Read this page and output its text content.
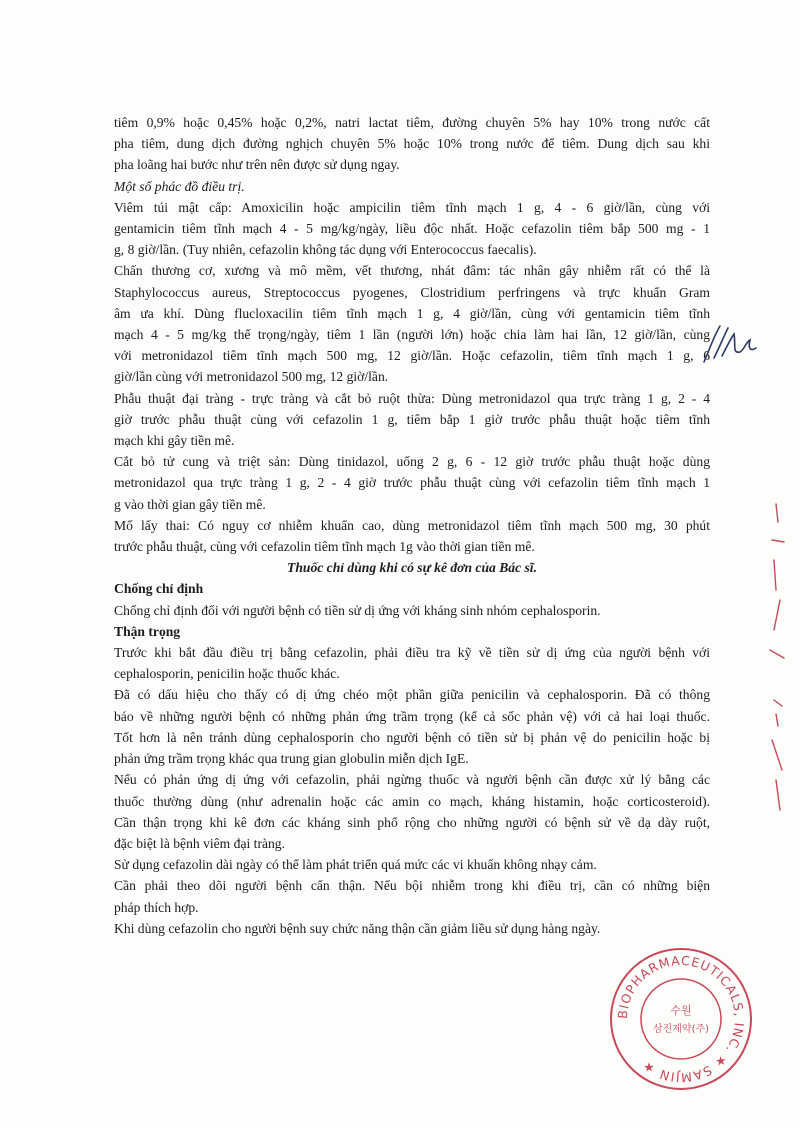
tiêm 0,9% hoặc 0,45% hoặc 0,2%, natri lactat tiêm, đường chuyên 5% hay 10% trong nước cất
pha tiêm, dung dịch đường nghịch chuyên 5% hoặc 10% trong nước để tiêm. Dung dịch sau khi
pha loãng hai bước như trên nên được sử dụng ngay.
Một số phác đồ điều trị.
Viêm túi mật cấp: Amoxicilin hoặc ampicilin tiêm tĩnh mạch 1 g, 4 - 6 giờ/lần, cùng với
gentamicin tiêm tĩnh mạch 4 - 5 mg/kg/ngày, liều độc nhất. Hoặc cefazolin tiêm bắp 500 mg - 1
g, 8 giờ/lần. (Tuy nhiên, cefazolin không tác dụng với Enterococcus faecalis).
Chấn thương cơ, xương và mô mềm, vết thương, nhát đâm: tác nhân gây nhiễm rất có thể là
Staphylococcus aureus, Streptococcus pyogenes, Clostridium perfringens và trực khuẩn Gram
âm ưa khí. Dùng flucloxacilin tiêm tĩnh mạch 1 g, 4 giờ/lần, cùng với gentamicin tiêm tĩnh
mạch 4 - 5 mg/kg thể trọng/ngày, tiêm 1 lần (người lớn) hoặc chia làm hai lần, 12 giờ/lần, cùng
với metronidazol tiêm tĩnh mạch 500 mg, 12 giờ/lần. Hoặc cefazolin, tiêm tĩnh mạch 1 g, 6
giờ/lần cùng với metronidazol 500 mg, 12 giờ/lần.
Phẫu thuật đại tràng - trực tràng và cắt bỏ ruột thừa: Dùng metronidazol qua trực tràng 1 g, 2 - 4
giờ trước phẫu thuật cùng với cefazolin 1 g, tiêm bắp 1 giờ trước phẫu thuật hoặc tiêm tĩnh
mạch khi gây tiền mê.
Cắt bỏ tử cung và triệt sản: Dùng tinidazol, uống 2 g, 6 - 12 giờ trước phẫu thuật hoặc dùng
metronidazol qua trực tràng 1 g, 2 - 4 giờ trước phẫu thuật cùng với cefazolin tiêm tĩnh mạch 1
g vào thời gian gây tiền mê.
Mổ lấy thai: Có nguy cơ nhiễm khuẩn cao, dùng metronidazol tiêm tĩnh mạch 500 mg, 30 phút
trước phẫu thuật, cùng với cefazolin tiêm tĩnh mạch 1g vào thời gian tiền mê.
Thuốc chỉ dùng khi có sự kê đơn của Bác sĩ.
Chống chỉ định
Chống chỉ định đối với người bệnh có tiền sử dị ứng với kháng sinh nhóm cephalosporin.
Thận trọng
Trước khi bắt đầu điều trị bằng cefazolin, phải điều tra kỹ về tiền sử dị ứng của người bệnh với
cephalosporin, penicilin hoặc thuốc khác.
Đã có dấu hiệu cho thấy có dị ứng chéo một phần giữa penicilin và cephalosporin. Đã có thông
báo về những người bệnh có những phản ứng trầm trọng (kể cả sốc phản vệ) với cả hai loại thuốc.
Tốt hơn là nên tránh dùng cephalosporin cho người bệnh có tiền sử bị phản vệ do penicilin hoặc bị
phản ứng trầm trọng khác qua trung gian globulin miễn dịch IgE.
Nếu có phản ứng dị ứng với cefazolin, phải ngừng thuốc và người bệnh cần được xử lý bằng các
thuốc thường dùng (như adrenalin hoặc các amin co mạch, kháng histamin, hoặc corticosteroid).
Cần thận trọng khi kê đơn các kháng sinh phổ rộng cho những người có bệnh sử về dạ dày ruột,
đặc biệt là bệnh viêm đại tràng.
Sử dụng cefazolin dài ngày có thể làm phát triển quá mức các vi khuẩn không nhạy cảm.
Cần phải theo dõi người bệnh cẩn thận. Nếu bội nhiễm trong khi điều trị, cần có những biện
pháp thích hợp.
Khi dùng cefazolin cho người bệnh suy chức năng thận cần giảm liều sử dụng hàng ngày.
BIOPHARMACEUTICALS, INC. ★ SAMJIN ★
수원
삼진제약(주)
